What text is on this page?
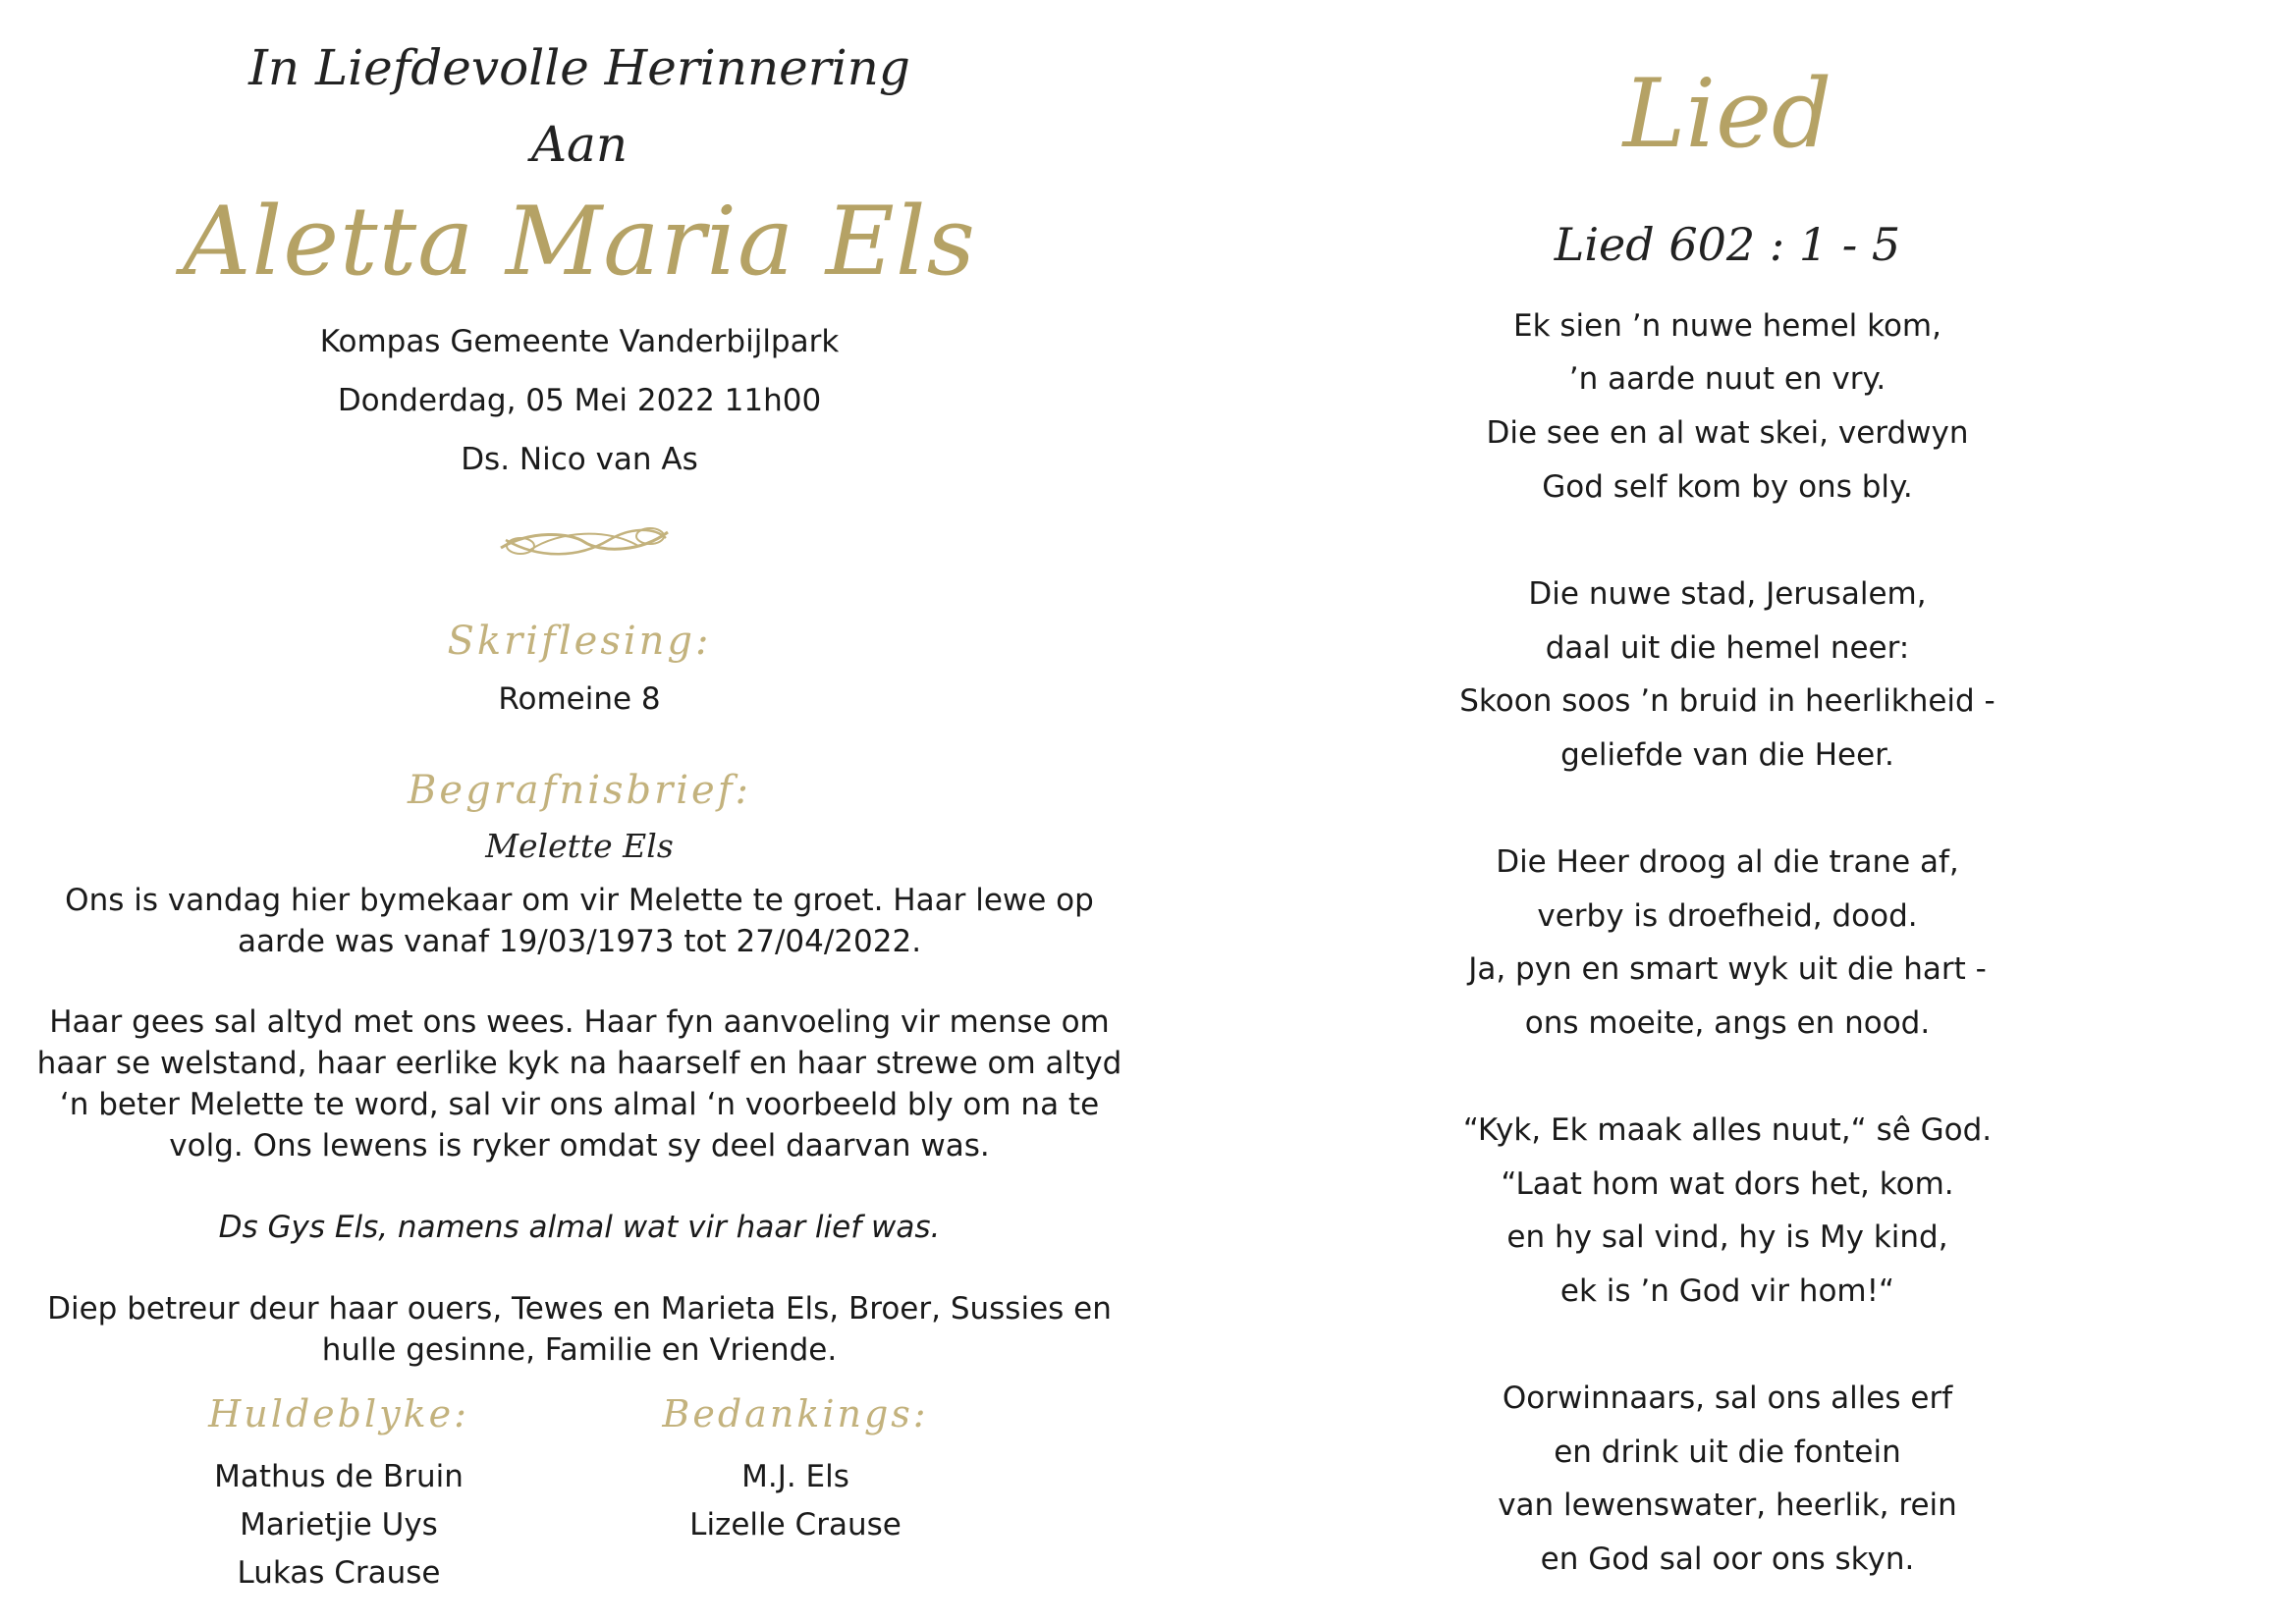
In Liefdevolle Herinnering
Aan
Aletta Maria Els
Kompas Gemeente Vanderbijlpark
Donderdag, 05 Mei 2022 11h00
Ds. Nico van As
Skriflesing:
Romeine 8
Begrafnisbrief:
Melette Els
Ons is vandag hier bymekaar om vir Melette te groet. Haar lewe op
aarde was vanaf 19/03/1973 tot 27/04/2022.
Haar gees sal altyd met ons wees. Haar fyn aanvoeling vir mense om
haar se welstand, haar eerlike kyk na haarself en haar strewe om altyd
‘n beter Melette te word, sal vir ons almal ‘n voorbeeld bly om na te
volg. Ons lewens is ryker omdat sy deel daarvan was.
Ds Gys Els, namens almal wat vir haar lief was.
Diep betreur deur haar ouers, Tewes en Marieta Els, Broer, Sussies en
hulle gesinne, Familie en Vriende.
Huldeblyke:
Mathus de Bruin
Marietjie Uys
Lukas Crause
Bedankings:
M.J. Els
Lizelle Crause
Lied
Lied 602 : 1 - 5
Ek sien ’n nuwe hemel kom,
’n aarde nuut en vry.
Die see en al wat skei, verdwyn
God self kom by ons bly.
Die nuwe stad, Jerusalem,
daal uit die hemel neer:
Skoon soos ’n bruid in heerlikheid -
geliefde van die Heer.
Die Heer droog al die trane af,
verby is droefheid, dood.
Ja, pyn en smart wyk uit die hart -
ons moeite, angs en nood.
“Kyk, Ek maak alles nuut,“ sê God.
“Laat hom wat dors het, kom.
en hy sal vind, hy is My kind,
ek is ’n God vir hom!“
Oorwinnaars, sal ons alles erf
en drink uit die fontein
van lewenswater, heerlik, rein
en God sal oor ons skyn.
